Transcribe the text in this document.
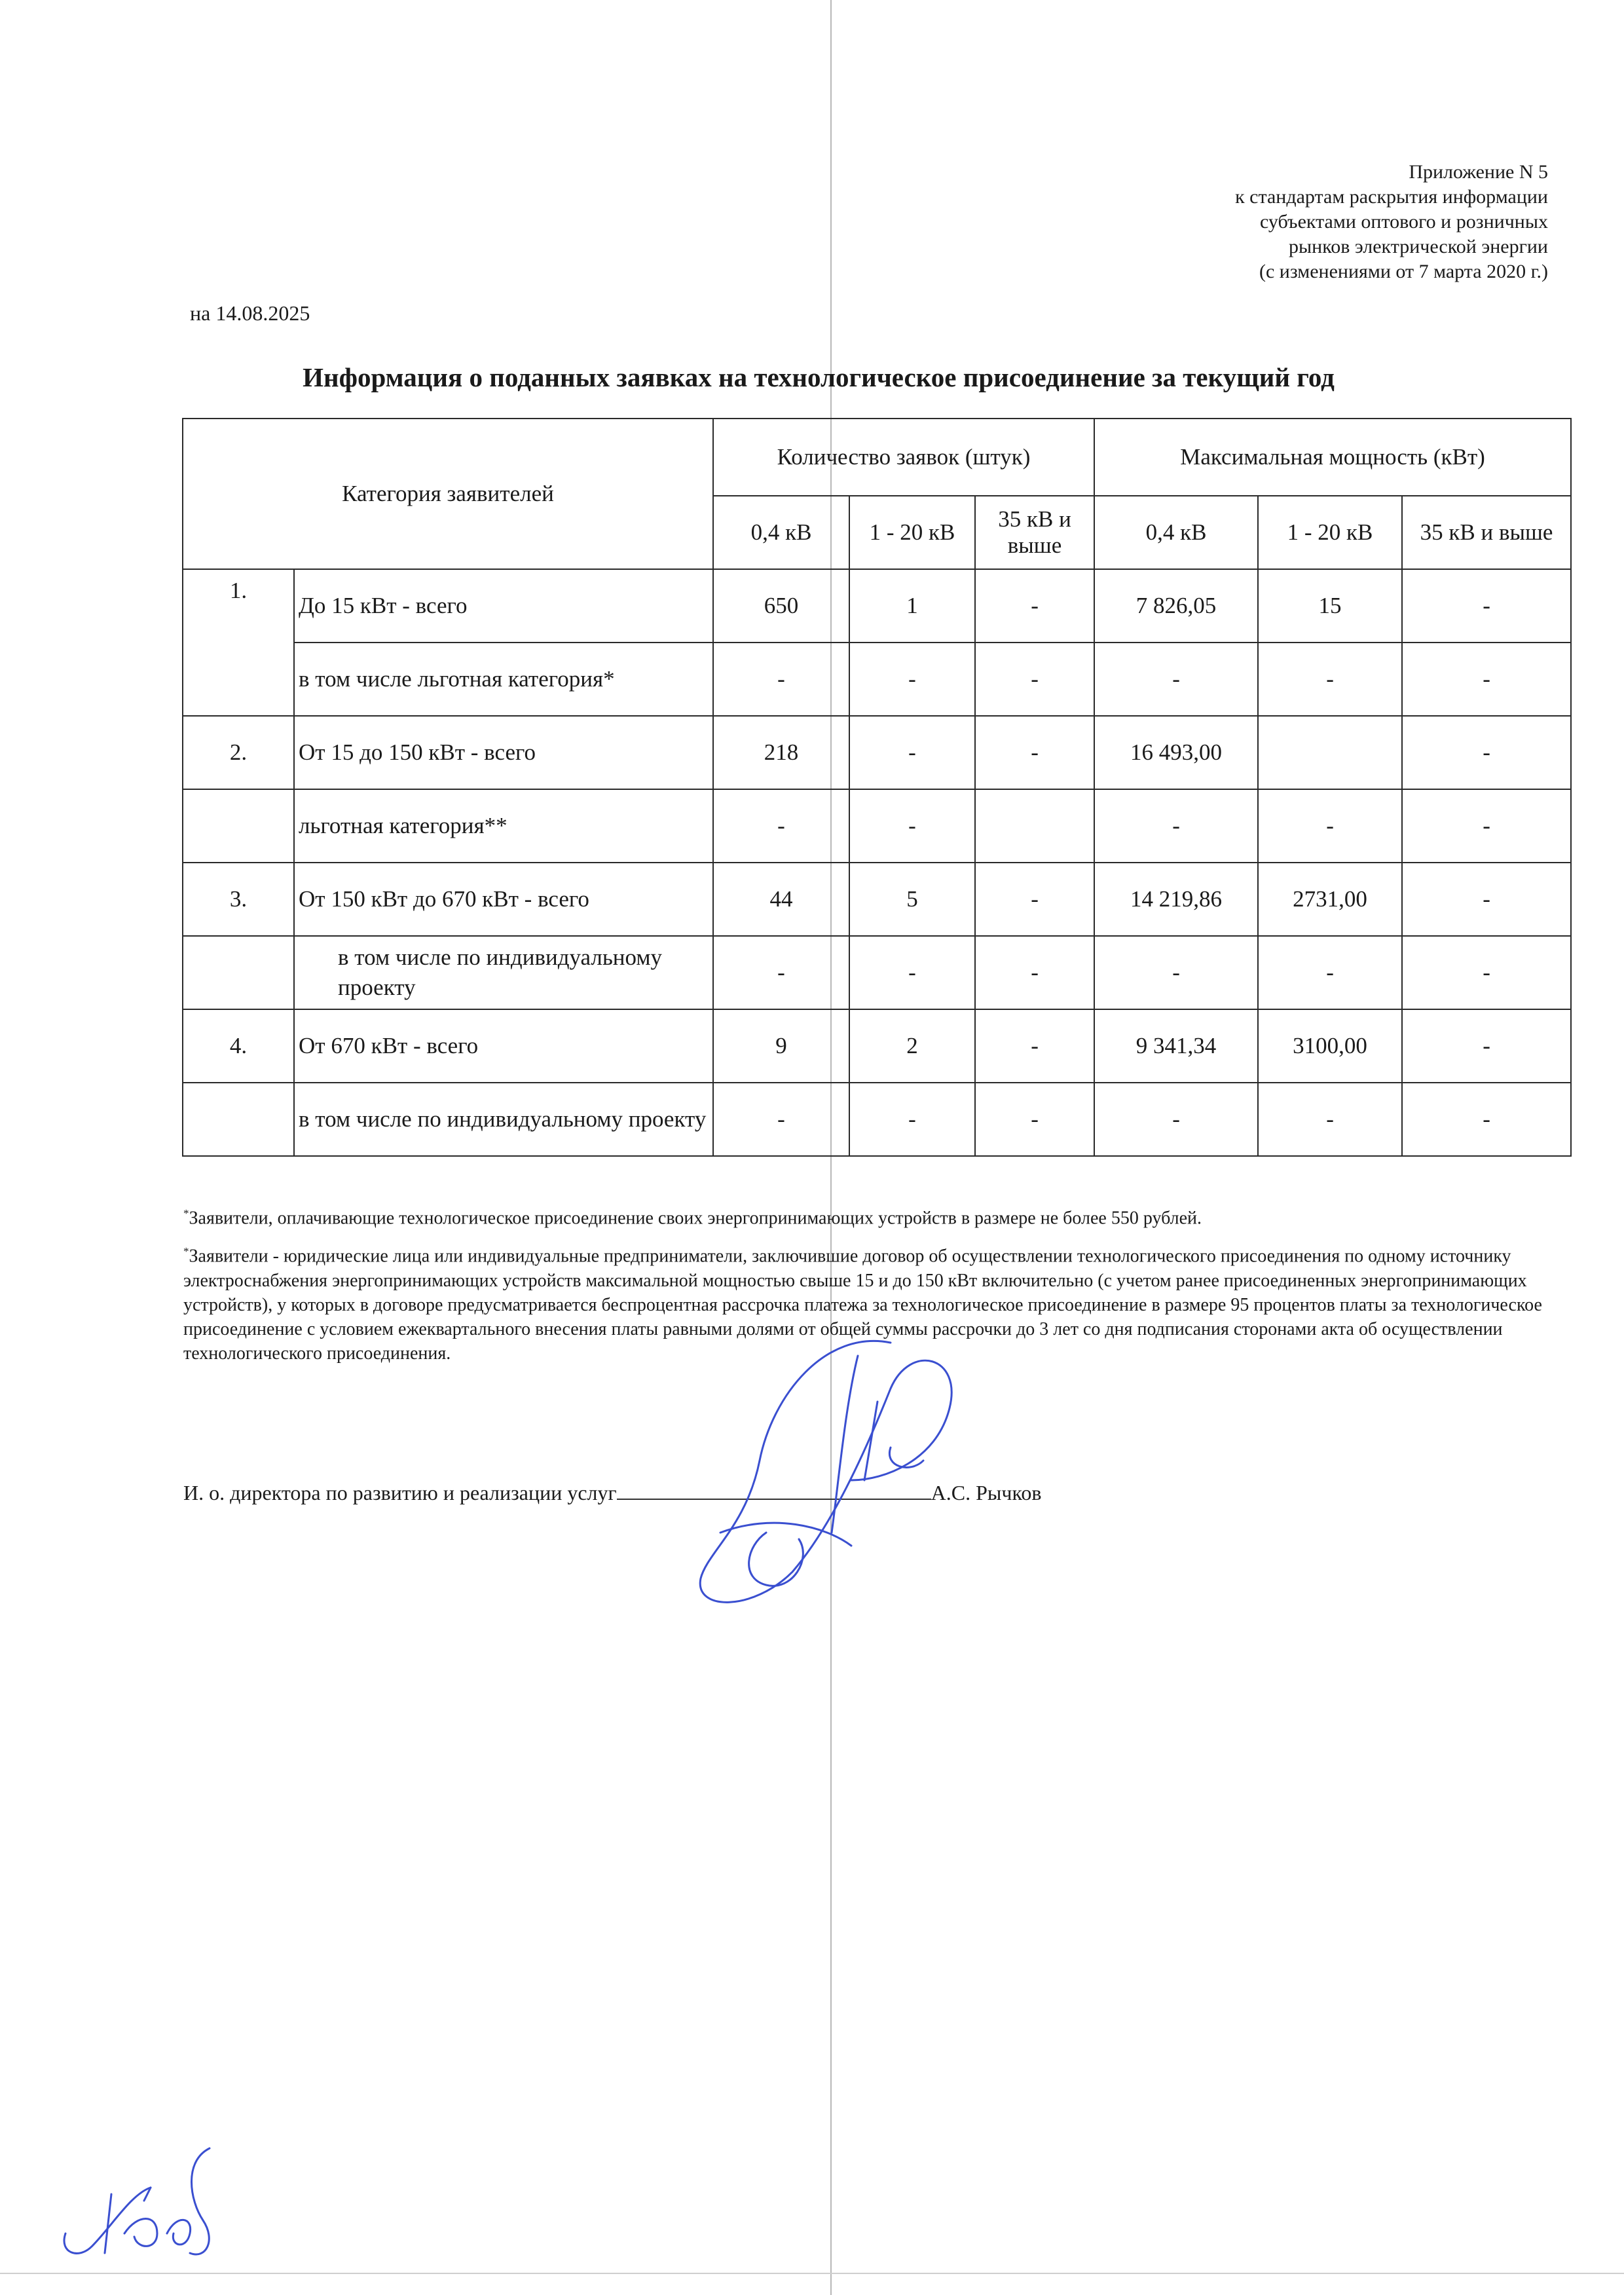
Приложение N 5
к стандартам раскрытия информации
субъектами оптового и розничных
рынков электрической энергии
(с изменениями от 7 марта 2020 г.)
на 14.08.2025
Информация о поданных заявках на технологическое присоединение за текущий год
Категория заявителей		Количество заявок (штук)			Максимальная мощность (кВт)		
		0,4 кВ	1 - 20 кВ	35 кВ и выше	0,4 кВ	1 - 20 кВ	35 кВ и выше
1.	До 15 кВт - всего	650	1	-	7 826,05	15	-
	в том числе льготная категория*	-	-	-	-	-	-
2.	От 15 до 150 кВт - всего	218	-	-	16 493,00		-
	льготная категория**	-	-		-	-	-
3.	От 150 кВт до 670 кВт - всего	44	5	-	14 219,86	2731,00	-
	в том числе по индивидуальному проекту	-	-	-	-	-	-
4.	От 670 кВт - всего	9	2	-	9 341,34	3100,00	-
	в том числе по индивидуальному проекту	-	-	-	-	-	-

*Заявители, оплачивающие технологическое присоединение своих энергопринимающих устройств в размере не более 550 рублей.

*Заявители - юридические лица или индивидуальные предприниматели, заключившие договор об осуществлении технологического присоединения по одному источнику электроснабжения энергопринимающих устройств максимальной мощностью свыше 15 и до 150 кВт включительно (с учетом ранее присоединенных энергопринимающих устройств), у которых в договоре предусматривается беспроцентная рассрочка платежа за технологическое присоединение в размере 95 процентов платы за технологическое присоединение с условием ежеквартального внесения платы равными долями от общей суммы рассрочки до 3 лет со дня подписания сторонами акта об осуществлении технологического присоединения.

И. о. директора по развитию и реализации услуг	А.С. Рычков
